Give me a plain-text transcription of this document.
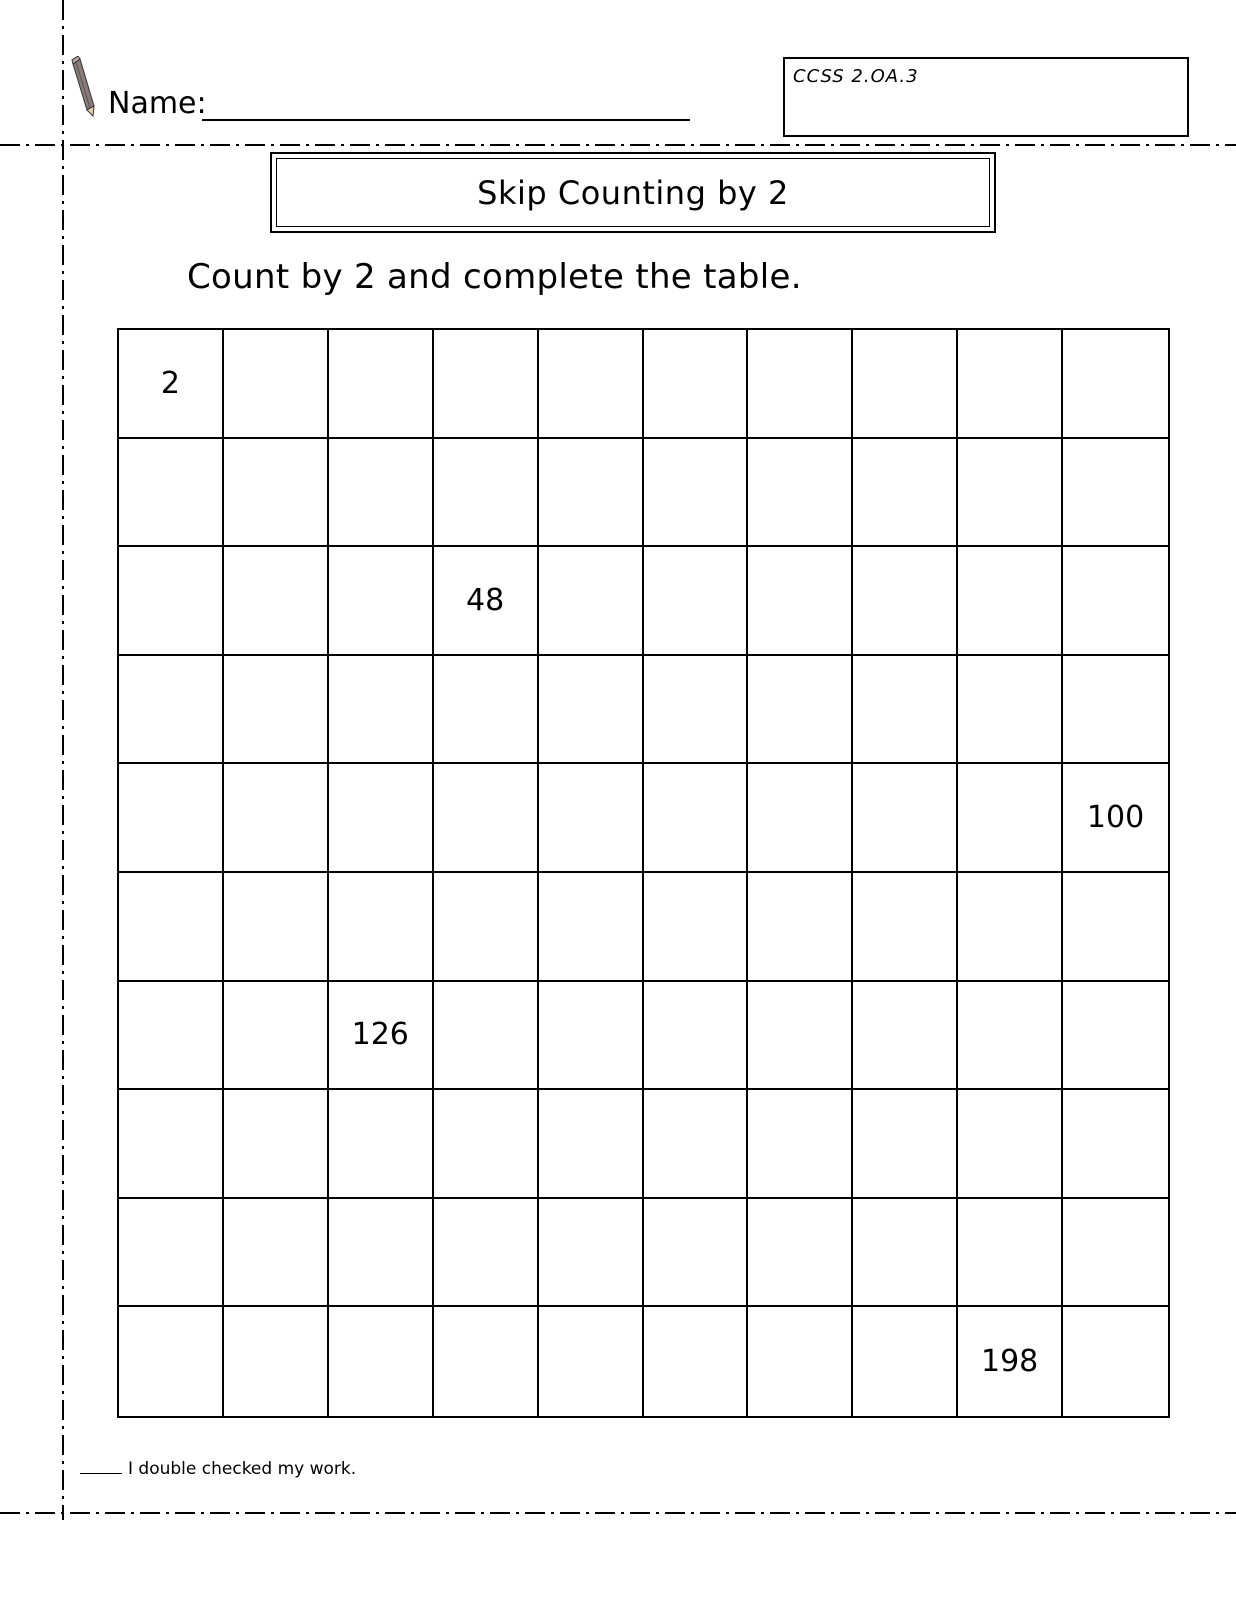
Name:
CCSS 2.OA.3
Skip Counting by 2
Count by 2 and complete the table.
2
48
100
126
198
I double checked my work.
